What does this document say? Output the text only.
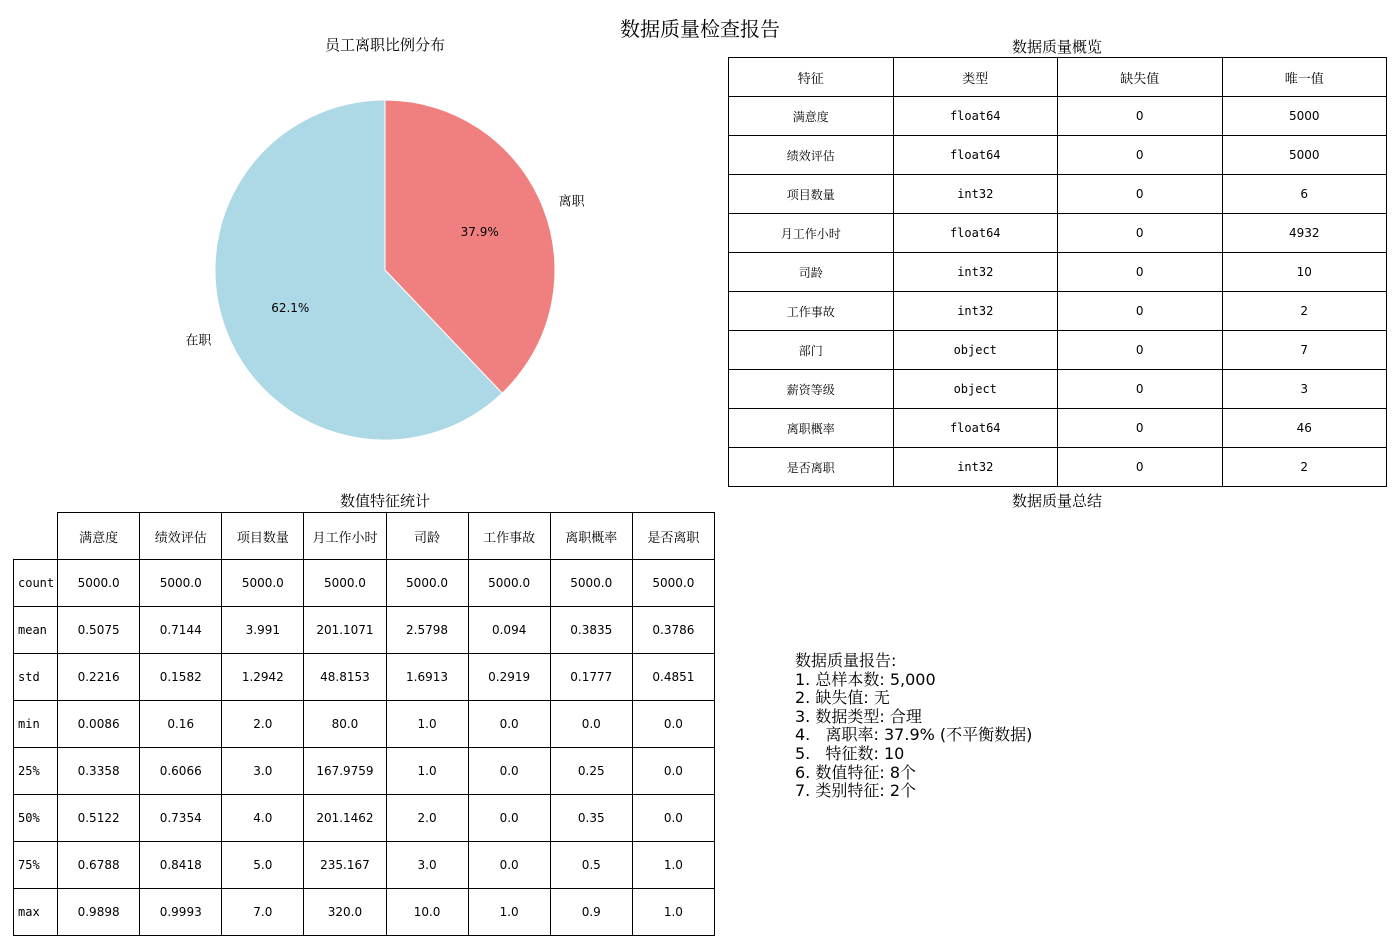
数据质量检查报告
员工离职比例分布
37.9%
离职
62.1%
在职
数据质量概览
特征	类型	缺失值	唯一值
满意度	float64	0	5000
绩效评估	float64	0	5000
项目数量	int32	0	6
月工作小时	float64	0	4932
司龄	int32	0	10
工作事故	int32	0	2
部门	object	0	7
薪资等级	object	0	3
离职概率	float64	0	46
是否离职	int32	0	2
数值特征统计
	满意度	绩效评估	项目数量	月工作小时	司龄	工作事故	离职概率	是否离职
count	5000.0	5000.0	5000.0	5000.0	5000.0	5000.0	5000.0	5000.0
mean	0.5075	0.7144	3.991	201.1071	2.5798	0.094	0.3835	0.3786
std	0.2216	0.1582	1.2942	48.8153	1.6913	0.2919	0.1777	0.4851
min	0.0086	0.16	2.0	80.0	1.0	0.0	0.0	0.0
25%	0.3358	0.6066	3.0	167.9759	1.0	0.0	0.25	0.0
50%	0.5122	0.7354	4.0	201.1462	2.0	0.0	0.35	0.0
75%	0.6788	0.8418	5.0	235.167	3.0	0.0	0.5	1.0
max	0.9898	0.9993	7.0	320.0	10.0	1.0	0.9	1.0
数据质量总结
数据质量报告:
1. 总样本数: 5,000
2. 缺失值: 无
3. 数据类型: 合理
4.   离职率: 37.9% (不平衡数据)
5.   特征数: 10
6. 数值特征: 8个
7. 类别特征: 2个
